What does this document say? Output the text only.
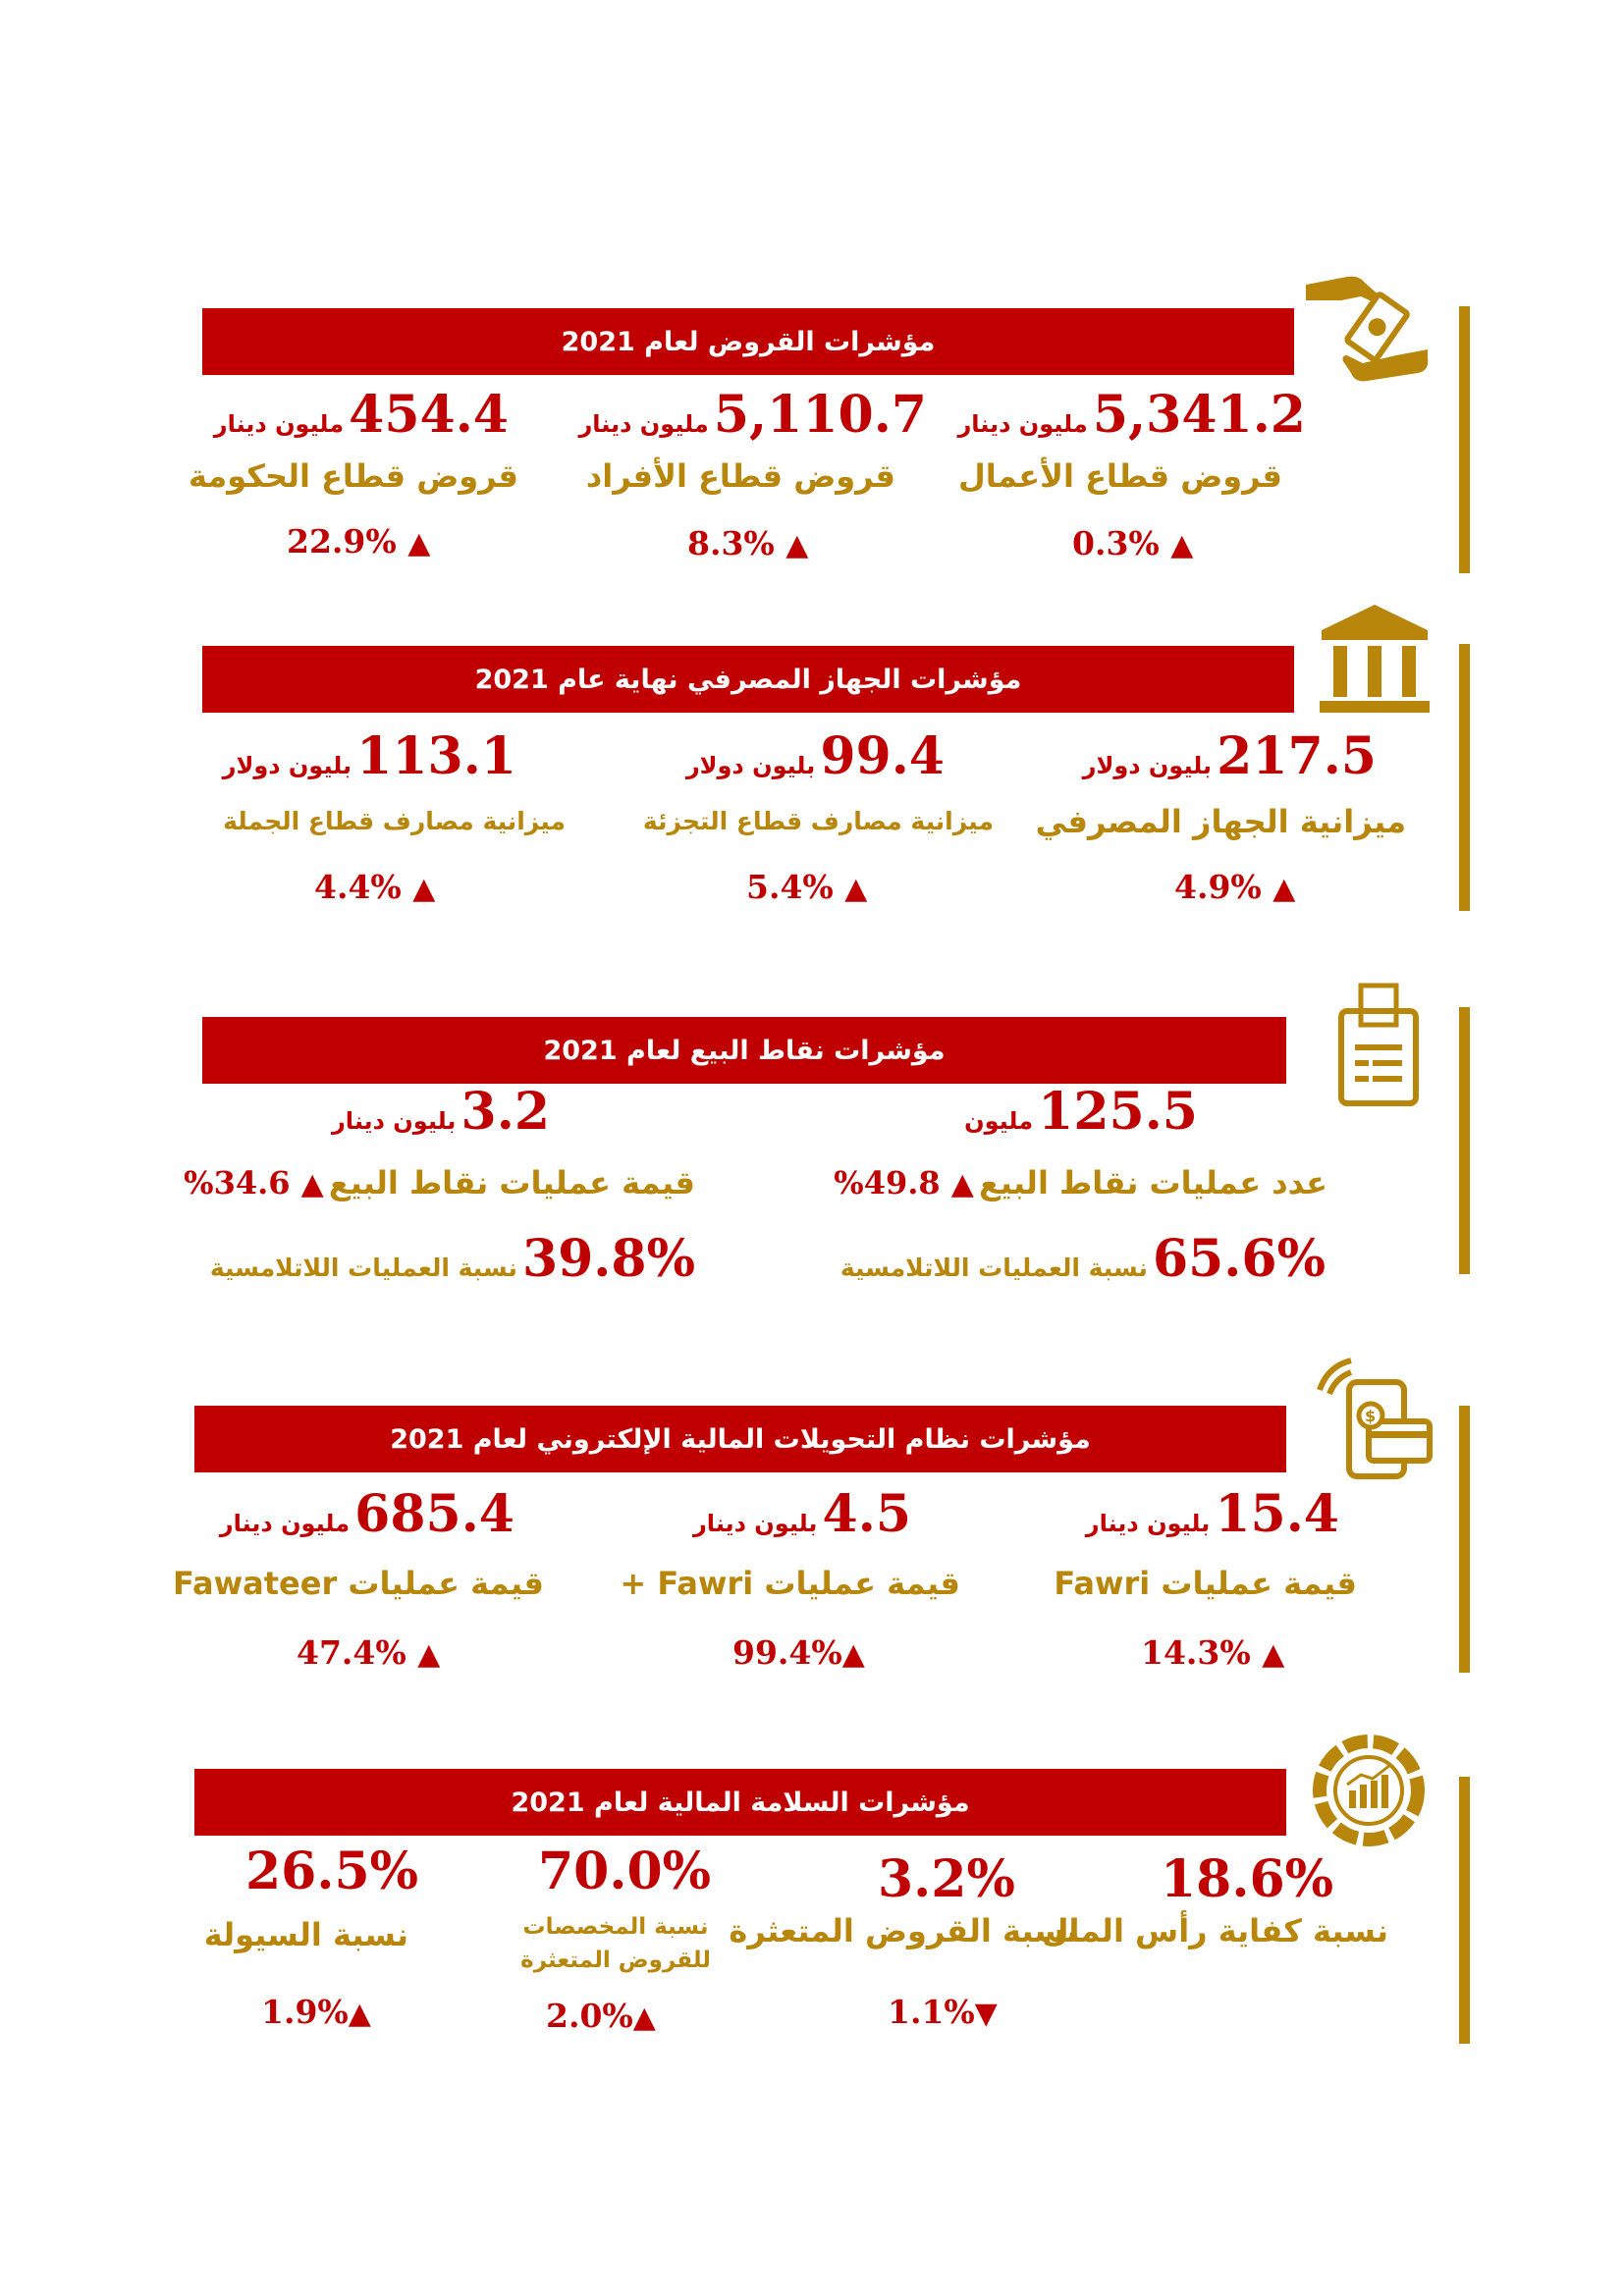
مؤشرات القروض لعام 2021
5,341.2 مليون دينار
قروض قطاع الأعمال
0.3% ▲
5,110.7 مليون دينار
قروض قطاع الأفراد
8.3% ▲
454.4 مليون دينار
قروض قطاع الحكومة
22.9% ▲
مؤشرات الجهاز المصرفي نهاية عام 2021
217.5 بليون دولار
ميزانية الجهاز المصرفي
4.9% ▲
99.4 بليون دولار
ميزانية مصارف قطاع التجزئة
5.4% ▲
113.1 بليون دولار
ميزانية مصارف قطاع الجملة
4.4% ▲
مؤشرات نقاط البيع لعام 2021
125.5 مليون
عدد عمليات نقاط البيع ▲ 49.8%
65.6% نسبة العمليات اللاتلامسية
3.2 بليون دينار
قيمة عمليات نقاط البيع ▲ 34.6%
39.8% نسبة العمليات اللاتلامسية
$
مؤشرات نظام التحويلات المالية الإلكتروني لعام 2021
15.4 بليون دينار
قيمة عمليات Fawri
14.3% ▲
4.5 بليون دينار
قيمة عمليات Fawri +
99.4%▲
685.4 مليون دينار
قيمة عمليات Fawateer
47.4% ▲
مؤشرات السلامة المالية لعام 2021
18.6%
نسبة كفاية رأس المال
3.2%
نسبة القروض المتعثرة
1.1%▼
70.0%
نسبة المخصصات للقروض المتعثرة
2.0%▲
26.5%
نسبة السيولة
1.9%▲
